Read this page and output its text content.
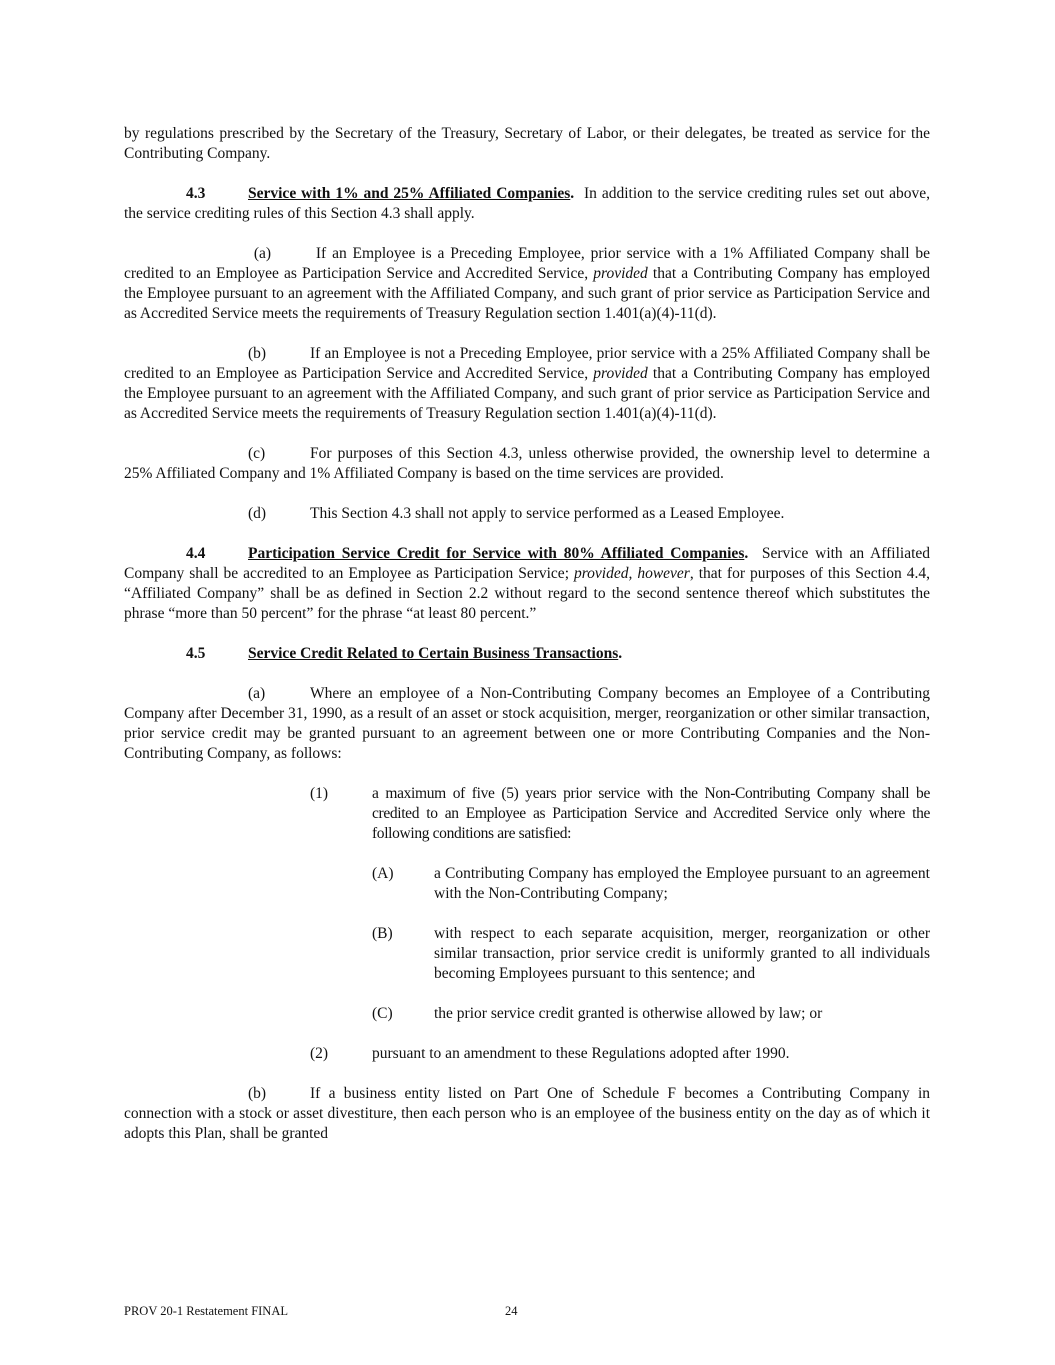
by regulations prescribed by the Secretary of the Treasury, Secretary of Labor, or their delegates, be treated as service for the Contributing Company.

4.3	Service with 1% and 25% Affiliated Companies. In addition to the service crediting rules set out above, the service crediting rules of this Section 4.3 shall apply.

(a)	If an Employee is a Preceding Employee, prior service with a 1% Affiliated Company shall be credited to an Employee as Participation Service and Accredited Service, provided that a Contributing Company has employed the Employee pursuant to an agreement with the Affiliated Company, and such grant of prior service as Participation Service and as Accredited Service meets the requirements of Treasury Regulation section 1.401(a)(4)-11(d).

(b)	If an Employee is not a Preceding Employee, prior service with a 25% Affiliated Company shall be credited to an Employee as Participation Service and Accredited Service, provided that a Contributing Company has employed the Employee pursuant to an agreement with the Affiliated Company, and such grant of prior service as Participation Service and as Accredited Service meets the requirements of Treasury Regulation section 1.401(a)(4)-11(d).

(c)	For purposes of this Section 4.3, unless otherwise provided, the ownership level to determine a 25% Affiliated Company and 1% Affiliated Company is based on the time services are provided.

(d)	This Section 4.3 shall not apply to service performed as a Leased Employee.

4.4	Participation Service Credit for Service with 80% Affiliated Companies. Service with an Affiliated Company shall be accredited to an Employee as Participation Service; provided, however, that for purposes of this Section 4.4, “Affiliated Company” shall be as defined in Section 2.2 without regard to the second sentence thereof which substitutes the phrase “more than 50 percent” for the phrase “at least 80 percent.”

4.5	Service Credit Related to Certain Business Transactions.

(a)	Where an employee of a Non-Contributing Company becomes an Employee of a Contributing Company after December 31, 1990, as a result of an asset or stock acquisition, merger, reorganization or other similar transaction, prior service credit may be granted pursuant to an agreement between one or more Contributing Companies and the Non-Contributing Company, as follows:

(1)	a maximum of five (5) years prior service with the Non-Contributing Company shall be credited to an Employee as Participation Service and Accredited Service only where the following conditions are satisfied:

(A)	a Contributing Company has employed the Employee pursuant to an agreement with the Non-Contributing Company;

(B)	with respect to each separate acquisition, merger, reorganization or other similar transaction, prior service credit is uniformly granted to all individuals becoming Employees pursuant to this sentence; and

(C)	the prior service credit granted is otherwise allowed by law; or

(2)	pursuant to an amendment to these Regulations adopted after 1990.

(b)	If a business entity listed on Part One of Schedule F becomes a Contributing Company in connection with a stock or asset divestiture, then each person who is an employee of the business entity on the day as of which it adopts this Plan, shall be granted

PROV 20-1 Restatement FINAL	24
